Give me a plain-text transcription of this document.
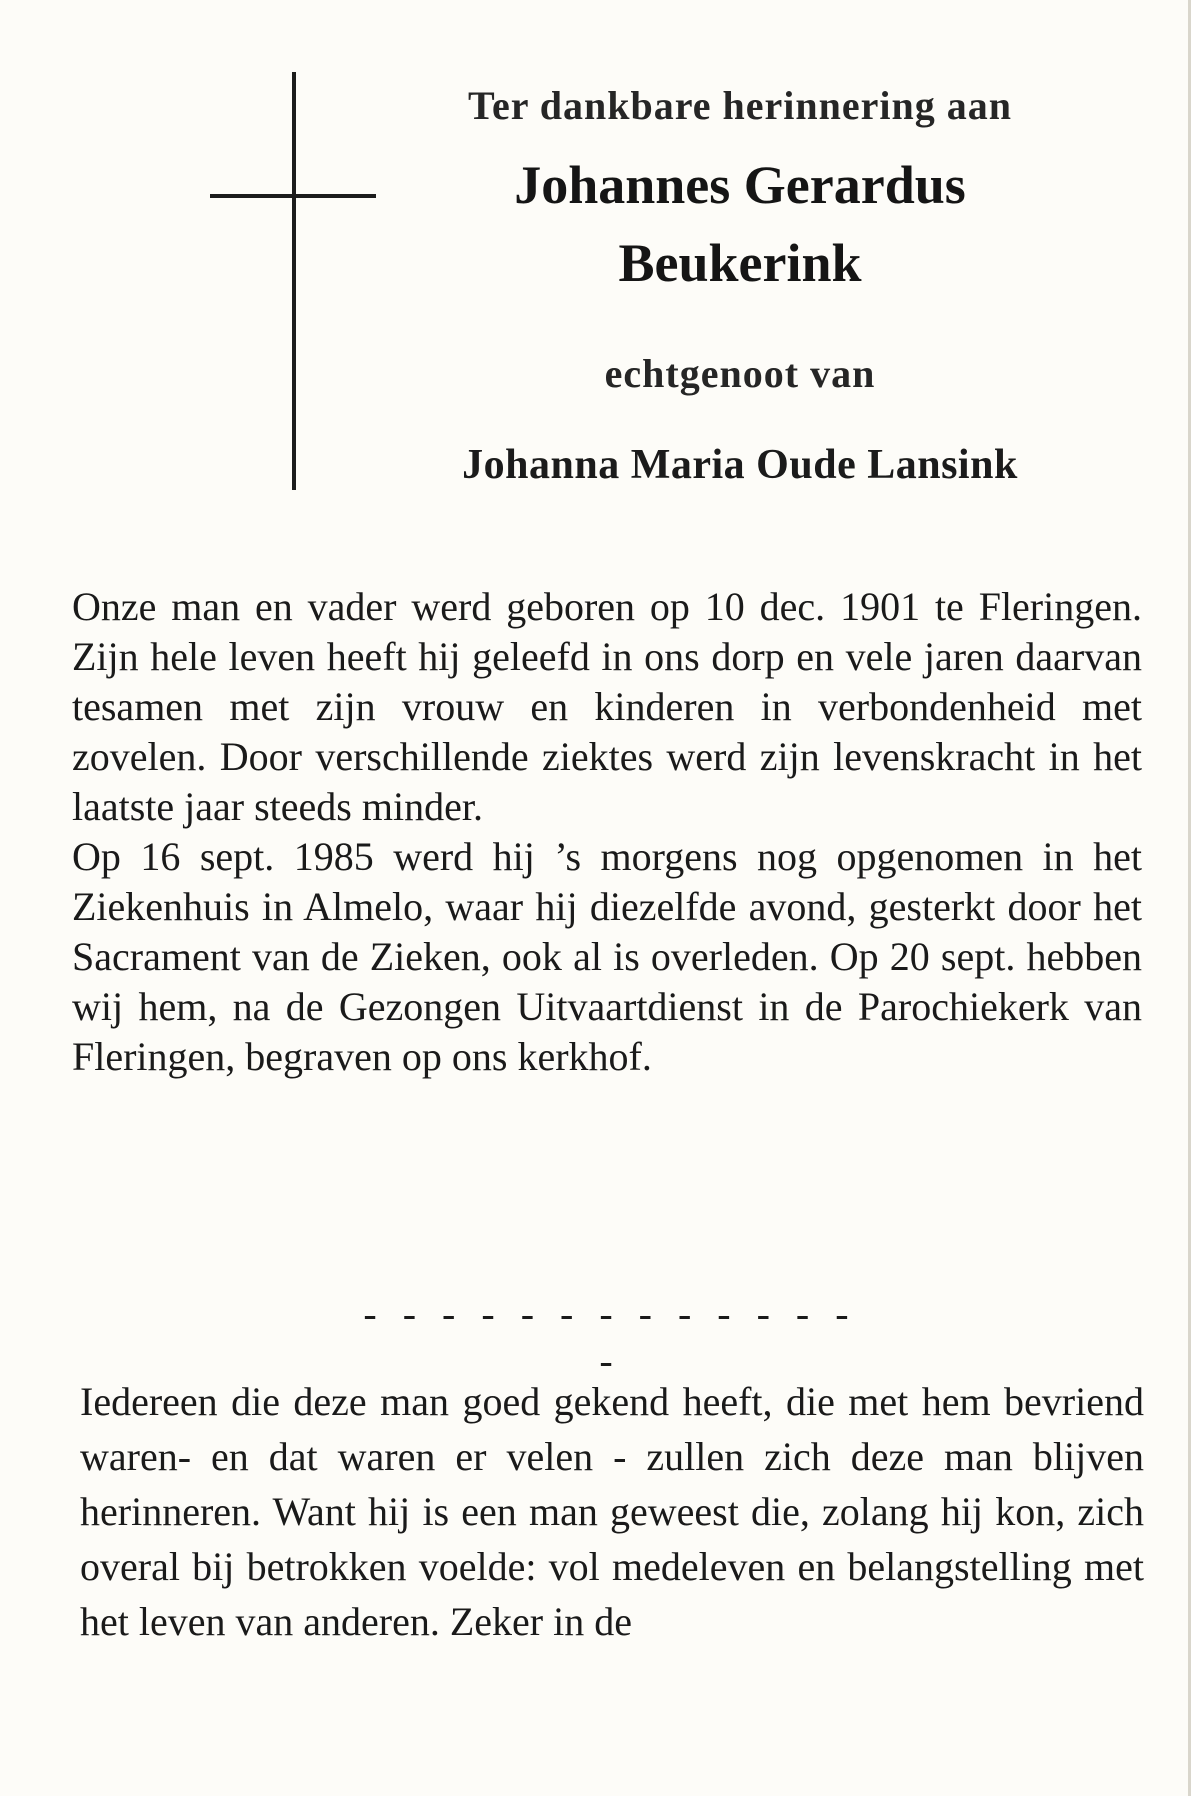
Ter dankbare herinnering aan
Johannes Gerardus Beukerink
echtgenoot van
Johanna Maria Oude Lansink

Onze man en vader werd geboren op 10 dec. 1901 te Fleringen. Zijn hele leven heeft hij geleefd in ons dorp en vele jaren daarvan tesamen met zijn vrouw en kinderen in verbondenheid met zovelen. Door verschillende ziektes werd zijn levenskracht in het laatste jaar steeds minder.

Op 16 sept. 1985 werd hij ’s morgens nog opgenomen in het Ziekenhuis in Almelo, waar hij diezelfde avond, gesterkt door het Sacrament van de Zieken, ook al is overleden. Op 20 sept. hebben wij hem, na de Gezongen Uitvaartdienst in de Parochiekerk van Fleringen, begraven op ons kerkhof.

- - - - - - - - - - - - - -

Iedereen die deze man goed gekend heeft, die met hem bevriend waren- en dat waren er velen - zullen zich deze man blijven herinneren. Want hij is een man geweest die, zolang hij kon, zich overal bij betrokken voelde: vol medeleven en belangstelling met het leven van anderen. Zeker in de
